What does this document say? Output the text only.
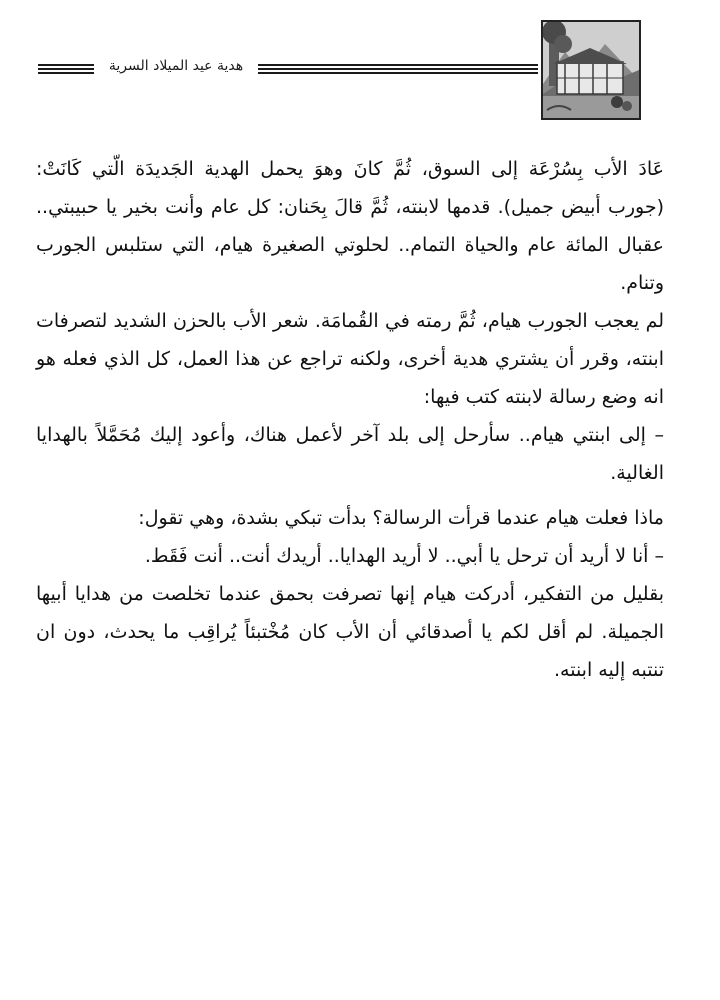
هدية عيد الميلاد السرية

عَادَ الأب بِسُرْعَة إلى السوق، ثُمَّ كانَ وهوَ يحمل الهدية الجَديدَة الّتي كَانَتْ: (جورب أبيض جميل). قدمها لابنته، ثُمَّ قالَ بِحَنان: كل عام وأنت بخير يا حبيبتي.. عقبال المائة عام والحياة التمام.. لحلوتي الصغيرة هيام، التي ستلبس الجورب وتنام.

لم يعجب الجورب هيام، ثُمَّ رمته في القُمامَة. شعر الأب بالحزن الشديد لتصرفات ابنته، وقرر أن يشتري هدية أخرى، ولكنه تراجع عن هذا العمل، كل الذي فعله هو انه وضع رسالة لابنته كتب فيها:

– إلى ابنتي هيام.. سأرحل إلى بلد آخر لأعمل هناك، وأعود إليك مُحَمَّلاً بالهدايا الغالية.

ماذا فعلت هيام عندما قرأت الرسالة؟ بدأت تبكي بشدة، وهي تقول:

– أنا لا أريد أن ترحل يا أبي.. لا أريد الهدايا.. أريدك أنت.. أنت فَقَط.

بقليل من التفكير، أدركت هيام إنها تصرفت بحمق عندما تخلصت من هدايا أبيها الجميلة. لم أقل لكم يا أصدقائي أن الأب كان مُخْتبئاً يُراقِب ما يحدث، دون ان تنتبه إليه ابنته.
